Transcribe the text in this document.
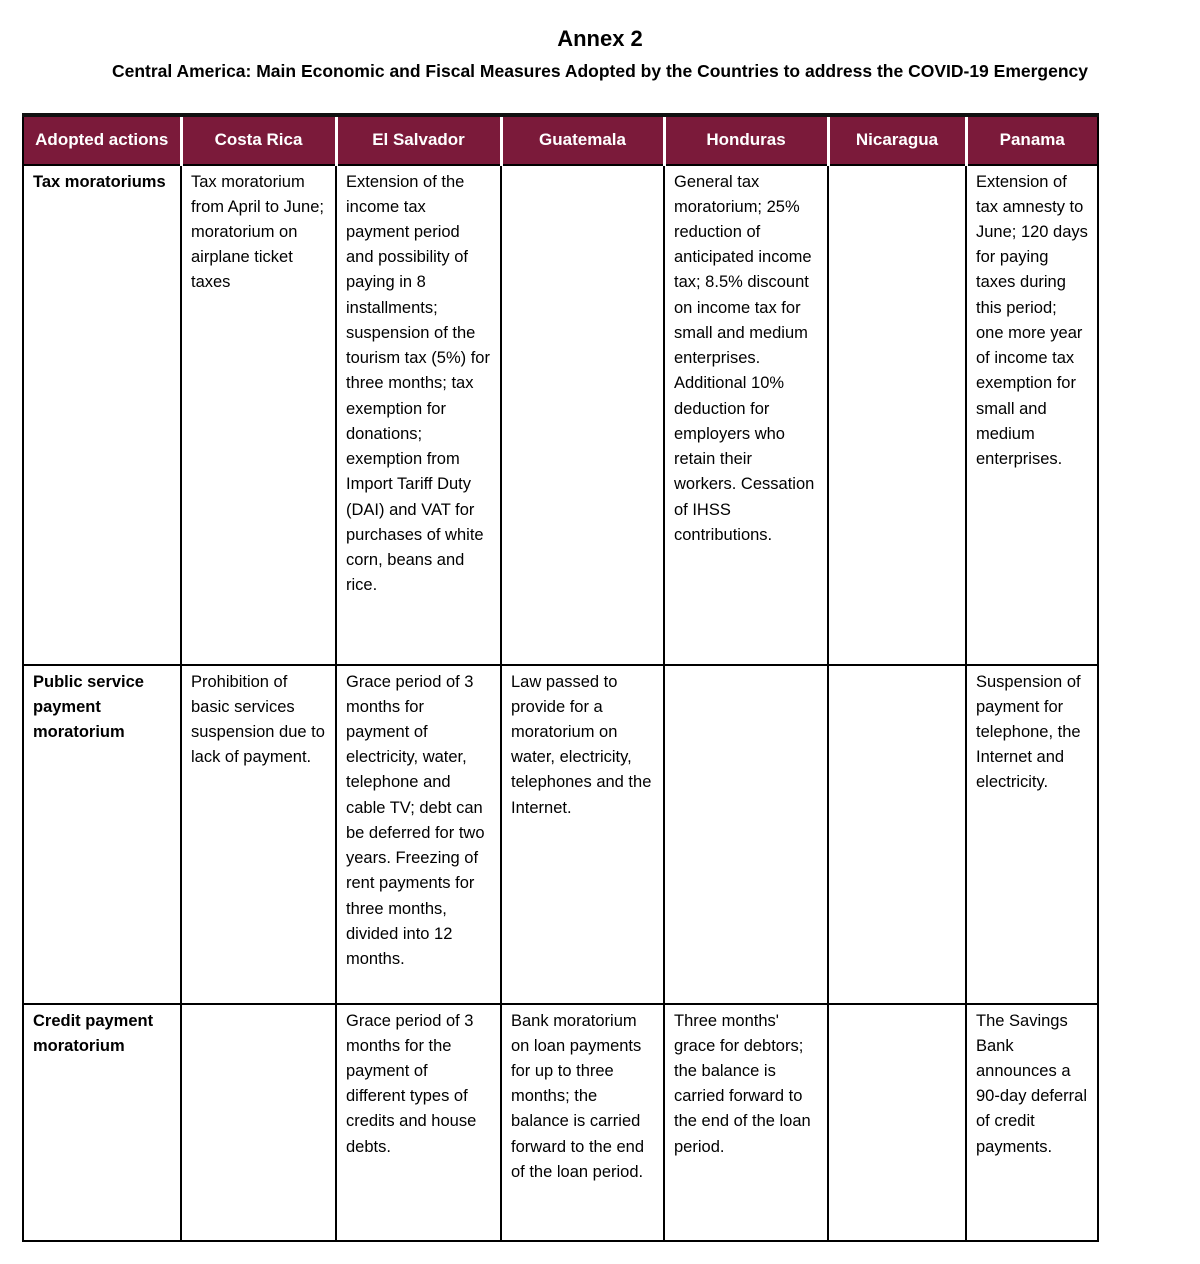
Annex 2
Central America: Main Economic and Fiscal Measures Adopted by the Countries to address the COVID-19 Emergency
Adopted actions	Costa Rica	El Salvador	Guatemala	Honduras	Nicaragua	Panama
Tax moratoriums	Tax moratorium from April to June; moratorium on airplane ticket taxes	Extension of the income tax payment period and possibility of paying in 8 installments; suspension of the tourism tax (5%) for three months; tax exemption for donations; exemption from Import Tariff Duty (DAI) and VAT for purchases of white corn, beans and rice.		General tax moratorium; 25% reduction of anticipated income tax; 8.5% discount on income tax for small and medium enterprises. Additional 10% deduction for employers who retain their workers. Cessation of IHSS contributions.		Extension of tax amnesty to June; 120 days for paying taxes during this period; one more year of income tax exemption for small and medium enterprises.
Public service payment moratorium	Prohibition of basic services suspension due to lack of payment.	Grace period of 3 months for payment of electricity, water, telephone and cable TV; debt can be deferred for two years. Freezing of rent payments for three months, divided into 12 months.	Law passed to provide for a moratorium on water, electricity, telephones and the Internet.			Suspension of payment for telephone, the Internet and electricity.
Credit payment moratorium		Grace period of 3 months for the payment of different types of credits and house debts.	Bank moratorium on loan payments for up to three months; the balance is carried forward to the end of the loan period.	Three months' grace for debtors; the balance is carried forward to the end of the loan period.		The Savings Bank announces a 90-day deferral of credit payments.
